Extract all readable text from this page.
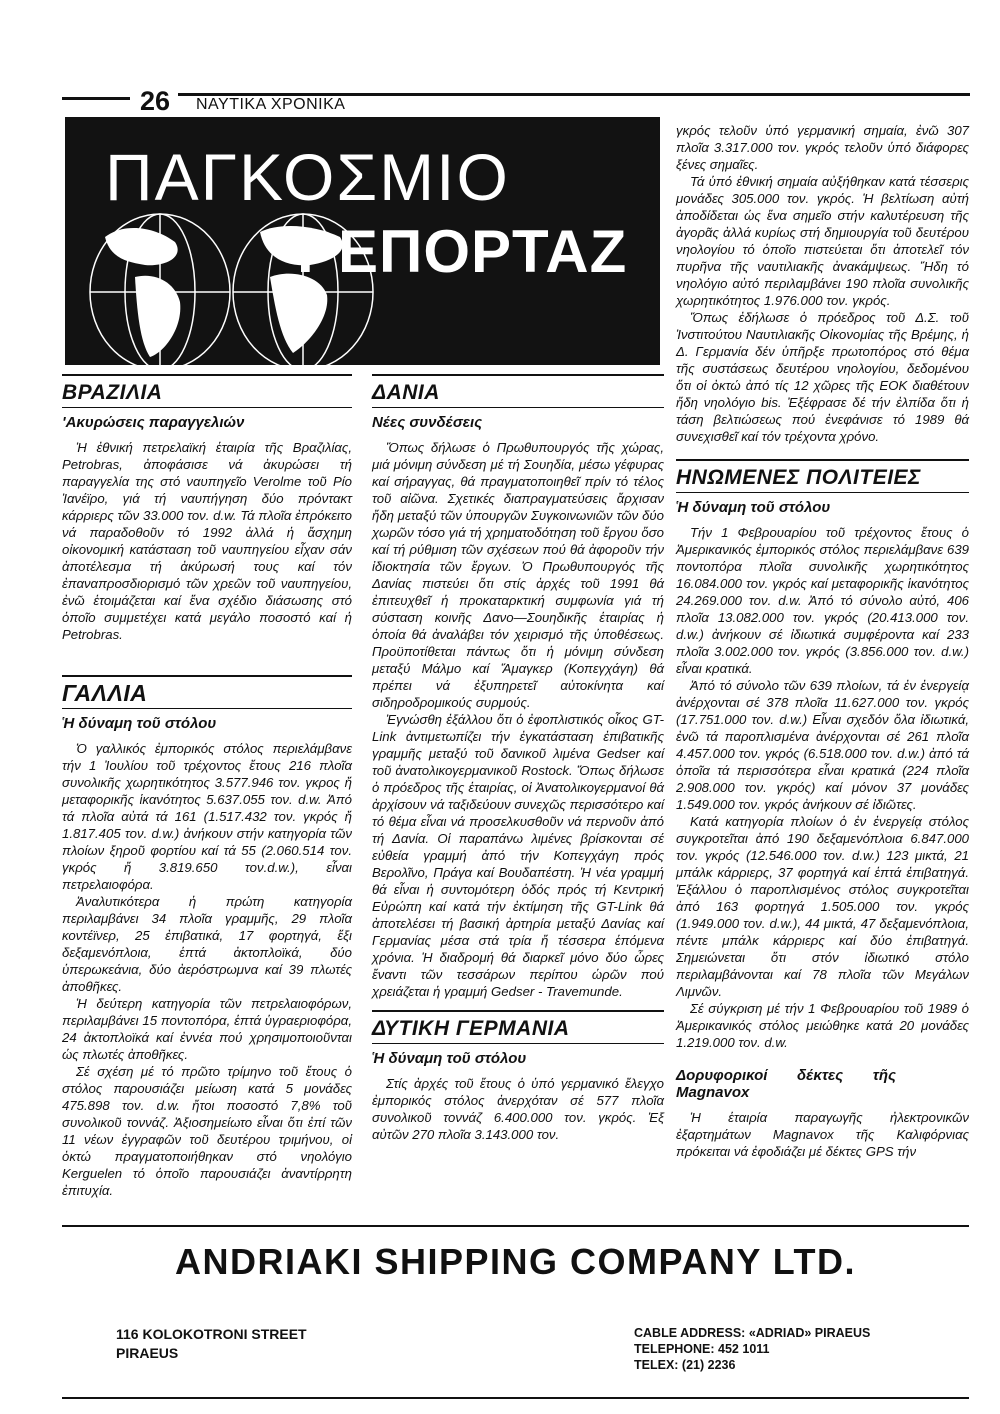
26 ΝΑΥΤΙΚΑ ΧΡΟΝΙΚΑ
ΠΑΓΚΟΣΜΙΟ
ΡΕΠΟΡΤΑΖ
ΒΡΑΖΙΛΙΑ
'Ακυρώσεις παραγγελιών

Ἡ ἐθνική πετρελαϊκή ἑταιρία τῆς Βραζιλίας, Petrobras, ἀποφάσισε νά ἀκυρώσει τή παραγγελία της στό ναυπηγεῖο Verolme τοῦ Ρίο Ἰανέϊρο, γιά τή ναυπήγηση δύο πρόντακτ κάρριερς τῶν 33.000 τον. d.w. Τά πλοῖα ἐπρόκειτο νά παραδοθοῦν τό 1992 ἀλλά ἡ ἄσχημη οἰκονομική κατάσταση τοῦ ναυπηγείου εἶχαν σάν ἀποτέλεσμα τή ἀκύρωσή τους καί τόν ἐπαναπροσδιορισμό τῶν χρεῶν τοῦ ναυπηγείου, ἐνῶ ἑτοιμάζεται καί ἕνα σχέδιο διάσωσης στό ὁποῖο συμμετέχει κατά μεγάλο ποσοστό καί ἡ Petrobras.

ΓΑΛΛΙΑ
Ἡ δύναμη τοῦ στόλου

Ὁ γαλλικός ἐμπορικός στόλος περιελάμβανε τήν 1 Ἰουλίου τοῦ τρέχοντος ἔτους 216 πλοῖα συνολικῆς χωρητικότητος 3.577.946 τον. γκρος ἤ μεταφορικῆς ἱκανότητος 5.637.055 τον. d.w. Ἀπό τά πλοῖα αὐτά τά 161 (1.517.432 τον. γκρός ἤ 1.817.405 τον. d.w.) ἀνήκουν στήν κατηγορία τῶν πλοίων ξηροῦ φορτίου καί τά 55 (2.060.514 τον. γκρός ἤ 3.819.650 τον.d.w.), εἶναι πετρελαιοφόρα.

Ἀναλυτικότερα ἡ πρώτη κατηγορία περιλαμβάνει 34 πλοῖα γραμμῆς, 29 πλοῖα κοντέϊνερ, 25 ἐπιβατικά, 17 φορτηγά, ἕξι δεξαμενόπλοια, ἑπτά ἀκτοπλοϊκά, δύο ὑπερωκεάνια, δύο ἀερόστρωμνα καί 39 πλωτές ἀποθῆκες.

Ἡ δεύτερη κατηγορία τῶν πετρελαιοφόρων, περιλαμβάνει 15 ποντοπόρα, ἑπτά ὑγραεριοφόρα, 24 ἀκτοπλοϊκά καί ἐννέα πού χρησιμοποιοῦνται ὡς πλωτές ἀποθῆκες.

Σέ σχέση μέ τό πρῶτο τρίμηνο τοῦ ἔτους ὁ στόλος παρουσιάζει μείωση κατά 5 μονάδες 475.898 τον. d.w. ἤτοι ποσοστό 7,8% τοῦ συνολικοῦ τοννάζ. Ἀξιοσημείωτο εἶναι ὅτι ἐπί τῶν 11 νέων ἐγγραφῶν τοῦ δευτέρου τριμήνου, οἱ ὀκτώ πραγματοποιήθηκαν στό νηολόγιο Kerguelen τό ὁποῖο παρουσιάζει ἀναντίρρητη ἐπιτυχία.

ΔΑΝΙΑ
Νέες συνδέσεις

Ὅπως δήλωσε ὁ Πρωθυπουργός τῆς χώρας, μιά μόνιμη σύνδεση μέ τή Σουηδία, μέσω γέφυρας καί σήραγγας, θά πραγματοποιηθεῖ πρίν τό τέλος τοῦ αἰῶνα. Σχετικές διαπραγματεύσεις ἄρχισαν ἤδη μεταξύ τῶν ὑπουργῶν Συγκοινωνιῶν τῶν δύο χωρῶν τόσο γιά τή χρηματοδότηση τοῦ ἔργου ὅσο καί τή ρύθμιση τῶν σχέσεων πού θά ἀφοροῦν τήν ἰδιοκτησία τῶν ἔργων. Ὁ Πρωθυπουργός τῆς Δανίας πιστεύει ὅτι στίς ἀρχές τοῦ 1991 θά ἐπιτευχθεῖ ἡ προκαταρκτική συμφωνία γιά τή σύσταση κοινῆς Δανο—Σουηδικῆς ἑταιρίας ἡ ὁποία θά ἀναλάβει τόν χειρισμό τῆς ὑποθέσεως. Προϋποτίθεται πάντως ὅτι ἡ μόνιμη σύνδεση μεταξύ Μάλμο καί Ἅμαγκερ (Κοπεγχάγη) θά πρέπει νά ἐξυπηρετεῖ αὐτοκίνητα καί σιδηροδρομικούς συρμούς.

Ἐγνώσθη ἐξάλλου ὅτι ὁ ἐφοπλιστικός οἶκος GT-Link ἀντιμετωπίζει τήν ἐγκατάσταση ἐπιβατικῆς γραμμῆς μεταξύ τοῦ δανικοῦ λιμένα Gedser καί τοῦ ἀνατολικογερμανικοῦ Rostock. Ὅπως δήλωσε ὁ πρόεδρος τῆς ἑταιρίας, οἱ Ἀνατολικογερμανοί θά ἀρχίσουν νά ταξιδεύουν συνεχῶς περισσότερο καί τό θέμα εἶναι νά προσελκυσθοῦν νά περνοῦν ἀπό τή Δανία. Οἱ παραπάνω λιμένες βρίσκονται σέ εὐθεία γραμμή ἀπό τήν Κοπεγχάγη πρός Βερολῖνο, Πράγα καί Βουδαπέστη. Ἡ νέα γραμμή θά εἶναι ἡ συντομότερη ὁδός πρός τή Κεντρική Εὐρώπη καί κατά τήν ἐκτίμηση τῆς GT-Link θά ἀποτελέσει τή βασική ἀρτηρία μεταξύ Δανίας καί Γερμανίας μέσα στά τρία ἤ τέσσερα ἑπόμενα χρόνια. Ἡ διαδρομή θά διαρκεῖ μόνο δύο ὧρες ἔναντι τῶν τεσσάρων περίπου ὡρῶν πού χρειάζεται ἡ γραμμή Gedser - Travemunde.

ΔΥΤΙΚΗ ΓΕΡΜΑΝΙΑ
Ἡ δύναμη τοῦ στόλου

Στίς ἀρχές τοῦ ἔτους ὁ ὑπό γερμανικό ἔλεγχο ἐμπορικός στόλος ἀνερχόταν σέ 577 πλοῖα συνολικοῦ τοννάζ 6.400.000 τον. γκρός. Ἐξ αὐτῶν 270 πλοῖα 3.143.000 τον.

γκρός τελοῦν ὑπό γερμανική σημαία, ἐνῶ 307 πλοῖα 3.317.000 τον. γκρός τελοῦν ὑπό διάφορες ξένες σημαῖες.

Τά ὑπό ἐθνική σημαία αὐξήθηκαν κατά τέσσερις μονάδες 305.000 τον. γκρός. Ἡ βελτίωση αὐτή ἀποδίδεται ὡς ἕνα σημεῖο στήν καλυτέρευση τῆς ἀγορᾶς ἀλλά κυρίως στή δημιουργία τοῦ δευτέρου νηολογίου τό ὁποῖο πιστεύεται ὅτι ἀποτελεῖ τόν πυρῆνα τῆς ναυτιλιακῆς ἀνακάμψεως. Ἤδη τό νηολόγιο αὐτό περιλαμβάνει 190 πλοῖα συνολικῆς χωρητικότητος 1.976.000 τον. γκρός.

Ὅπως ἐδήλωσε ὁ πρόεδρος τοῦ Δ.Σ. τοῦ Ἰνστιτούτου Ναυτιλιακῆς Οἰκονομίας τῆς Βρέμης, ἡ Δ. Γερμανία δέν ὑπῆρξε πρωτοπόρος στό θέμα τῆς συστάσεως δευτέρου νηολογίου, δεδομένου ὅτι οἱ ὀκτώ ἀπό τίς 12 χῶρες τῆς ΕΟΚ διαθέτουν ἤδη νηολόγιο bis. Ἐξέφρασε δέ τήν ἐλπίδα ὅτι ἡ τάση βελτιώσεως πού ἐνεφάνισε τό 1989 θά συνεχισθεῖ καί τόν τρέχοντα χρόνο.

ΗΝΩΜΕΝΕΣ ΠΟΛΙΤΕΙΕΣ
Ἡ δύναμη τοῦ στόλου

Τήν 1 Φεβρουαρίου τοῦ τρέχοντος ἔτους ὁ Ἀμερικανικός ἐμπορικός στόλος περιελάμβανε 639 ποντοπόρα πλοῖα συνολικῆς χωρητικότητος 16.084.000 τον. γκρός καί μεταφορικῆς ἱκανότητος 24.269.000 τον. d.w. Ἀπό τό σύνολο αὐτό, 406 πλοῖα 13.082.000 τον. γκρός (20.413.000 τον. d.w.) ἀνήκουν σέ ἰδιωτικά συμφέροντα καί 233 πλοῖα 3.002.000 τον. γκρός (3.856.000 τον. d.w.) εἶναι κρατικά.

Ἀπό τό σύνολο τῶν 639 πλοίων, τά ἐν ἐνεργείᾳ ἀνέρχονται σέ 378 πλοῖα 11.627.000 τον. γκρός (17.751.000 τον. d.w.) Εἶναι σχεδόν ὅλα ἰδιωτικά, ἐνῶ τά παροπλισμένα ἀνέρχονται σέ 261 πλοῖα 4.457.000 τον. γκρός (6.518.000 τον. d.w.) ἀπό τά ὁποῖα τά περισσότερα εἶναι κρατικά (224 πλοῖα 2.908.000 τον. γκρός) καί μόνον 37 μονάδες 1.549.000 τον. γκρός ἀνήκουν σέ ἰδιῶτες.

Κατά κατηγορία πλοίων ὁ ἐν ἐνεργείᾳ στόλος συγκροτεῖται ἀπό 190 δεξαμενόπλοια 6.847.000 τον. γκρός (12.546.000 τον. d.w.) 123 μικτά, 21 μπάλκ κάρριερς, 37 φορτηγά καί ἑπτά ἐπιβατηγά. Ἐξάλλου ὁ παροπλισμένος στόλος συγκροτεῖται ἀπό 163 φορτηγά 1.505.000 τον. γκρός (1.949.000 τον. d.w.), 44 μικτά, 47 δεξαμενόπλοια, πέντε μπάλκ κάρριερς καί δύο ἐπιβατηγά. Σημειώνεται ὅτι στόν ἰδιωτικό στόλο περιλαμβάνονται καί 78 πλοῖα τῶν Μεγάλων Λιμνῶν.

Σέ σύγκριση μέ τήν 1 Φεβρουαρίου τοῦ 1989 ὁ Ἀμερικανικός στόλος μειώθηκε κατά 20 μονάδες 1.219.000 τον. d.w.

Δορυφορικοί δέκτες τῆς Magnavox

Ἡ ἑταιρία παραγωγῆς ἠλεκτρονικῶν ἐξαρτημάτων Magnavox τῆς Καλιφόρνιας πρόκειται νά ἐφοδιάζει μέ δέκτες GPS τήν

ANDRIAKI SHIPPING COMPANY LTD.
116 KOLOKOTRONI STREET
PIRAEUS
CABLE ADDRESS: «ADRIAD» PIRAEUS
TELEPHONE: 452 1011
TELEX: (21) 2236
